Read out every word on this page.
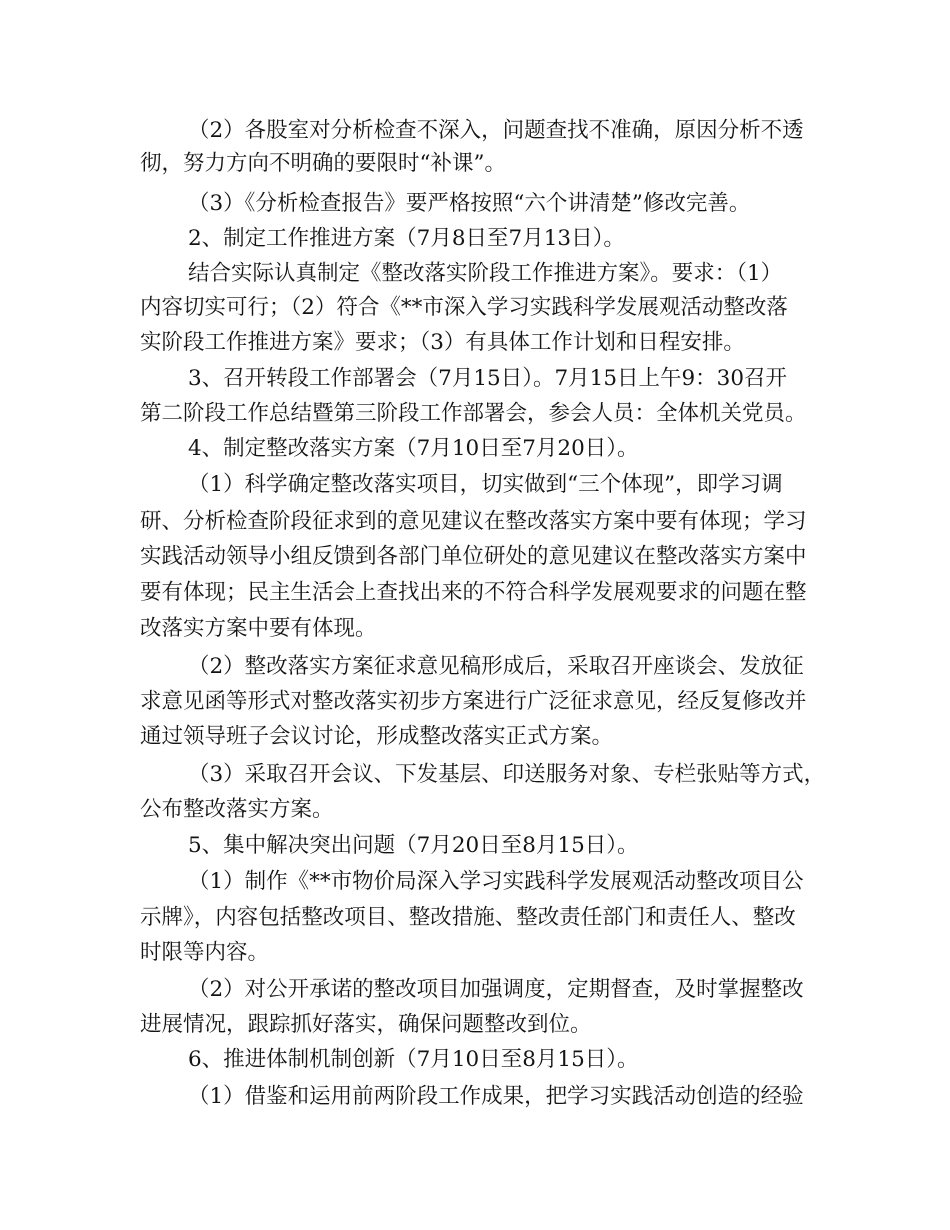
（2）各股室对分析检查不深入，问题查找不准确，原因分析不透

彻，努力方向不明确的要限时“补课”。

（3）《分析检查报告》要严格按照“六个讲清楚”修改完善。

2、制定工作推进方案（7月8日至7月13日）。

结合实际认真制定《整改落实阶段工作推进方案》。要求：（1）

内容切实可行；（2）符合《**市深入学习实践科学发展观活动整改落

实阶段工作推进方案》要求；（3）有具体工作计划和日程安排。

3、召开转段工作部署会（7月15日）。7月15日上午9：30召开

第二阶段工作总结暨第三阶段工作部署会，参会人员：全体机关党员。

4、制定整改落实方案（7月10日至7月20日）。

（1）科学确定整改落实项目，切实做到“三个体现”，即学习调

研、分析检查阶段征求到的意见建议在整改落实方案中要有体现；学习

实践活动领导小组反馈到各部门单位研处的意见建议在整改落实方案中

要有体现；民主生活会上查找出来的不符合科学发展观要求的问题在整

改落实方案中要有体现。

（2）整改落实方案征求意见稿形成后，采取召开座谈会、发放征

求意见函等形式对整改落实初步方案进行广泛征求意见，经反复修改并

通过领导班子会议讨论，形成整改落实正式方案。

（3）采取召开会议、下发基层、印送服务对象、专栏张贴等方式，

公布整改落实方案。

5、集中解决突出问题（7月20日至8月15日）。

（1）制作《**市物价局深入学习实践科学发展观活动整改项目公

示牌》，内容包括整改项目、整改措施、整改责任部门和责任人、整改

时限等内容。

（2）对公开承诺的整改项目加强调度，定期督查，及时掌握整改

进展情况，跟踪抓好落实，确保问题整改到位。

6、推进体制机制创新（7月10日至8月15日）。

（1）借鉴和运用前两阶段工作成果，把学习实践活动创造的经验
